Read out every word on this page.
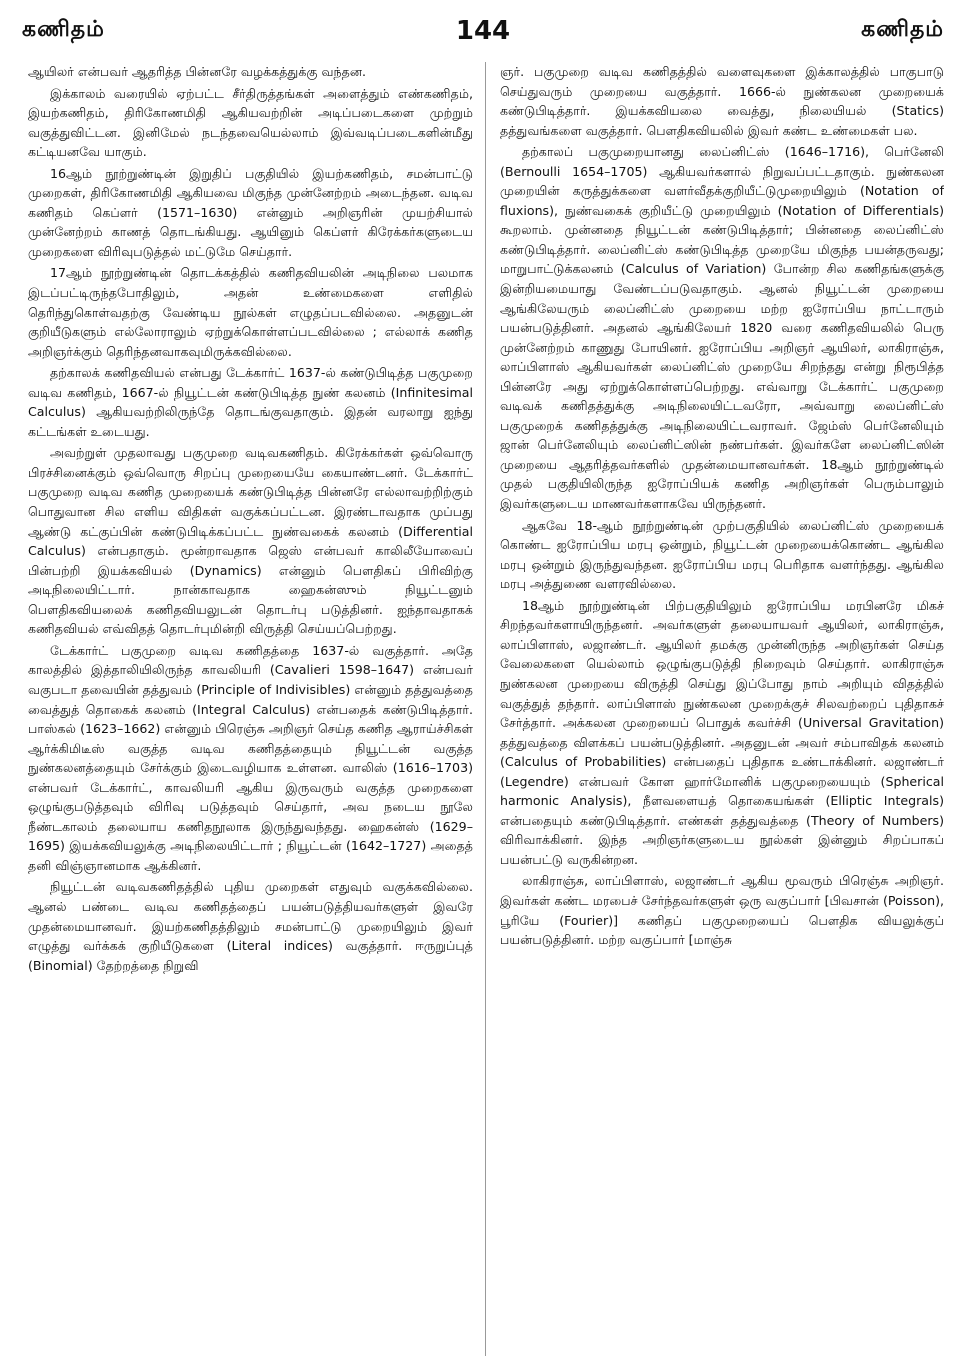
கணிதம்	144	கணிதம்

ஆயிலர் என்பவர் ஆதரித்த பின்னரே வழக்கத்துக்கு வந்தன.

இக்காலம் வரையில் ஏற்பட்ட சீர்திருத்தங்கள் அளைத்தும் எண்கணிதம், இயற்கணிதம், திரிகோணமிதி ஆகியவற்றின் அடிப்படைகளை முற்றும் வகுத்துவிட்டன. இனிமேல் நடந்தவையெல்லாம் இவ்வடிப்படைகளின்மீது கட்டியனவே யாகும்.

16ஆம் நூற்றுண்டின் இறுதிப் பகுதியில் இயற்கணிதம், சமன்பாட்டு முறைகள், திரிகோணமிதி ஆகியவை மிகுந்த முன்னேற்றம் அடைந்தன. வடிவ கணிதம் கெப்ளர் (1571–1630) என்னும் அறிஞரின் முயற்சியால் முன்னேற்றம் காணத் தொடங்கியது. ஆயினும் கெப்ளர் கிரேக்கர்களுடைய முறைகளை விரிவுபடுத்தல் மட்டுமே செய்தார்.

17ஆம் நூற்றுண்டின் தொடக்கத்தில் கணிதவியலின் அடிநிலை பலமாக இடப்பட்டிருந்தபோதிலும், அதன் உண்மைகளை எளிதில் தெரிந்துகொள்வதற்கு வேண்டிய நூல்கள் எழுதப்படவில்லை. அதனுடன் குறியீடுகளும் எல்லோராலும் ஏற்றுக்கொள்ளப்படவில்லை ; எல்லாக் கணித அறிஞர்க்கும் தெரிந்தனவாகவுமிருக்கவில்லை.

தற்காலக் கணிதவியல் என்பது டேக்கார்ட் 1637-ல் கண்டுபிடித்த பகுமுறை வடிவ கணிதம், 1667-ல் நியூட்டன் கண்டுபிடித்த நுண் கலனம் (Infinitesimal Calculus) ஆகியவற்றிலிருந்தே தொடங்குவதாகும். இதன் வரலாறு ஐந்து கட்டங்கள் உடையது.

அவற்றுள் முதலாவது பகுமுறை வடிவகணிதம். கிரேக்கர்கள் ஒவ்வொரு பிரச்சினைக்கும் ஒவ்வொரு சிறப்பு முறையையே கையாண்டனர். டேக்கார்ட் பகுமுறை வடிவ கணித முறையைக் கண்டுபிடித்த பின்னரே எல்லாவற்றிற்கும் பொதுவான சில எளிய விதிகள் வகுக்கப்பட்டன. இரண்டாவதாக முப்பது ஆண்டு கட்குப்பின் கண்டுபிடிக்கப்பட்ட நுண்வகைக் கலனம் (Differential Calculus) என்பதாகும். மூன்றாவதாக ஜெஸ் என்பவர் காலிலீயோவைப் பின்பற்றி இயக்கவியல் (Dynamics) என்னும் பௌதிகப் பிரிவிற்கு அடிநிலையிட்டார். நான்காவதாக ஹைகன்ஸும் நியூட்டனும் பௌதிகவியலைக் கணிதவியலுடன் தொடர்பு படுத்தினர். ஐந்தாவதாகக் கணிதவியல் எவ்விதத் தொடர்புமின்றி விருத்தி செய்யப்பெற்றது.

டேக்கார்ட் பகுமுறை வடிவ கணிதத்தை 1637-ல் வகுத்தார். அதே காலத்தில் இத்தாலியிலிருந்த காவலியரி (Cavalieri 1598–1647) என்பவர் வகுபடா தவையின் தத்துவம் (Principle of Indivisibles) என்னும் தத்துவத்தை வைத்துத் தொகைக் கலனம் (Integral Calculus) என்பதைக் கண்டுபிடித்தார். பாஸ்கல் (1623–1662) என்னும் பிரெஞ்சு அறிஞர் செய்த கணித ஆராய்ச்சிகள் ஆர்க்கிமிடீஸ் வகுத்த வடிவ கணிதத்தையும் நியூட்டன் வகுத்த நுண்கலனத்தையும் சேர்க்கும் இடைவழியாக உள்ளன. வாலிஸ் (1616–1703) என்பவர் டேக்கார்ட், காவலியரி ஆகிய இருவரும் வகுத்த முறைகளை ஒழுங்குபடுத்தவும் விரிவு படுத்தவும் செய்தார், அவ நடைய நூலே நீண்டகாலம் தலையாய கணிதநூலாக இருந்துவந்தது. ஹைகன்ஸ் (1629–1695) இயக்கவியலுக்கு அடிநிலையிட்டார் ; நியூட்டன் (1642–1727) அதைத் தனி விஞ்ஞானமாக ஆக்கினர்.

நியூட்டன் வடிவகணிதத்தில் புதிய முறைகள் எதுவும் வகுக்கவில்லை. ஆனல் பண்டை வடிவ கணிதத்தைப் பயன்படுத்தியவர்களுள் இவரே முதன்மையானவர். இயற்கணிதத்திலும் சமன்பாட்டு முறையிலும் இவர் எழுத்து வர்க்கக் குறியீடுகளை (Literal indices) வகுத்தார். ஈருறுப்புத் (Binomial) தேற்றத்தை நிறுவி

ஞர். பகுமுறை வடிவ கணிதத்தில் வளைவுகளை இக்காலத்தில் பாகுபாடு செய்துவரும் முறையை வகுத்தார். 1666-ல் நுண்கலன முறையைக் கண்டுபிடித்தார். இயக்கவியலை வைத்து, நிலையியல் (Statics) தத்துவங்களை வகுத்தார். பௌதிகவியலில் இவர் கண்ட உண்மைகள் பல.

தற்காலப் பகுமுறையானது லைப்னிட்ஸ் (1646–1716), பெர்னேலி (Bernoulli 1654–1705) ஆகியவர்களால் நிறுவப்பட்டதாகும். நுண்கலன முறையின் கருத்துக்களை வளர்வீதக்குறியீட்டுமுறையிலும் (Notation of fluxions), நுண்வகைக் குறியீட்டு முறையிலும் (Notation of Differentials) கூறலாம். முன்னதை நியூட்டன் கண்டுபிடித்தார்; பின்னதை லைப்னிட்ஸ் கண்டுபிடித்தார். லைப்னிட்ஸ் கண்டுபிடித்த முறையே மிகுந்த பயன்தருவது; மாறுபாட்டுக்கலனம் (Calculus of Variation) போன்ற சில கணிதங்களுக்கு இன்றியமையாது வேண்டப்படுவதாகும். ஆனல் நியூட்டன் முறையை ஆங்கிலேயரும் லைப்னிட்ஸ் முறையை மற்ற ஐரோப்பிய நாட்டாரும் பயன்படுத்தினர். அதனல் ஆங்கிலேயர் 1820 வரை கணிதவியலில் பெரு முன்னேற்றம் காணுது போயினர். ஐரோப்பிய அறிஞர் ஆயிலர், லாகிராஞ்சு, லாப்பிளாஸ் ஆகியவர்கள் லைப்னிட்ஸ் முறையே சிறந்தது என்று நிரூபித்த பின்னரே அது ஏற்றுக்கொள்ளப்பெற்றது. எவ்வாறு டேக்கார்ட் பகுமுறை வடிவக் கணிதத்துக்கு அடிநிலையிட்டவரோ, அவ்வாறு லைப்னிட்ஸ் பகுமுறைக் கணிதத்துக்கு அடிநிலையிட்டவராவர். ஜேம்ஸ் பெர்னேலியும் ஜான் பெர்னேலியும் லைப்னிட்ஸின் நண்பர்கள். இவர்களே லைப்னிட்ஸின் முறையை ஆதரித்தவர்களில் முதன்மையானவர்கள். 18ஆம் நூற்றுண்டில் முதல் பகுதியிலிருந்த ஐரோப்பியக் கணித அறிஞர்கள் பெரும்பாலும் இவர்களுடைய மாணவர்களாகவே யிருந்தனர்.

ஆகவே 18-ஆம் நூற்றுண்டின் முற்பகுதியில் லைப்னிட்ஸ் முறையைக் கொண்ட ஐரோப்பிய மரபு ஒன்றும், நியூட்டன் முறையைக்கொண்ட ஆங்கில மரபு ஒன்றும் இருந்துவந்தன. ஐரோப்பிய மரபு பெரிதாக வளர்ந்தது. ஆங்கில மரபு அத்துணை வளரவில்லை.

18ஆம் நூற்றுண்டின் பிற்பகுதியிலும் ஐரோப்பிய மரபினரே மிகச் சிறந்தவர்களாயிருந்தனர். அவர்களுள் தலையாயவர் ஆயிலர், லாகிராஞ்சு, லாப்பிளாஸ், லஜாண்டர். ஆயிலர் தமக்கு முன்னிருந்த அறிஞர்கள் செய்த வேலைகளை யெல்லாம் ஒழுங்குபடுத்தி நிறைவும் செய்தார். லாகிராஞ்சு நுண்கலன முறையை விருத்தி செய்து இப்போது நாம் அறியும் விதத்தில் வகுத்துத் தந்தார். லாப்பிளாஸ் நுண்கலன முறைக்குச் சிலவற்றைப் புதிதாகச் சேர்த்தார். அக்கலன முறையைப் பொதுக் கவர்ச்சி (Universal Gravitation) தத்துவத்தை விளக்கப் பயன்படுத்தினர். அதனுடன் அவர் சம்பாவிதக் கலனம் (Calculus of Probabilities) என்பதைப் புதிதாக உண்டாக்கினர். லஜாண்டர் (Legendre) என்பவர் கோள ஹார்மோனிக் பகுமுறையையும் (Spherical harmonic Analysis), நீளவளையத் தொகையங்கள் (Elliptic Integrals) என்பதையும் கண்டுபிடித்தார். எண்கள் தத்துவத்தை (Theory of Numbers) விரிவாக்கினர். இந்த அறிஞர்களுடைய நூல்கள் இன்னும் சிறப்பாகப் பயன்பட்டு வருகின்றன.

லாகிராஞ்சு, லாப்பிளாஸ், லஜாண்டர் ஆகிய மூவரும் பிரெஞ்சு அறிஞர். இவர்கள் கண்ட மரபைச் சேர்ந்தவர்களுள் ஒரு வகுப்பார் [பிவசான் (Poisson), பூரியே (Fourier)] கணிதப் பகுமுறையைப் பௌதிக வியலுக்குப் பயன்படுத்தினர். மற்ற வகுப்பார் [மாஞ்சு
